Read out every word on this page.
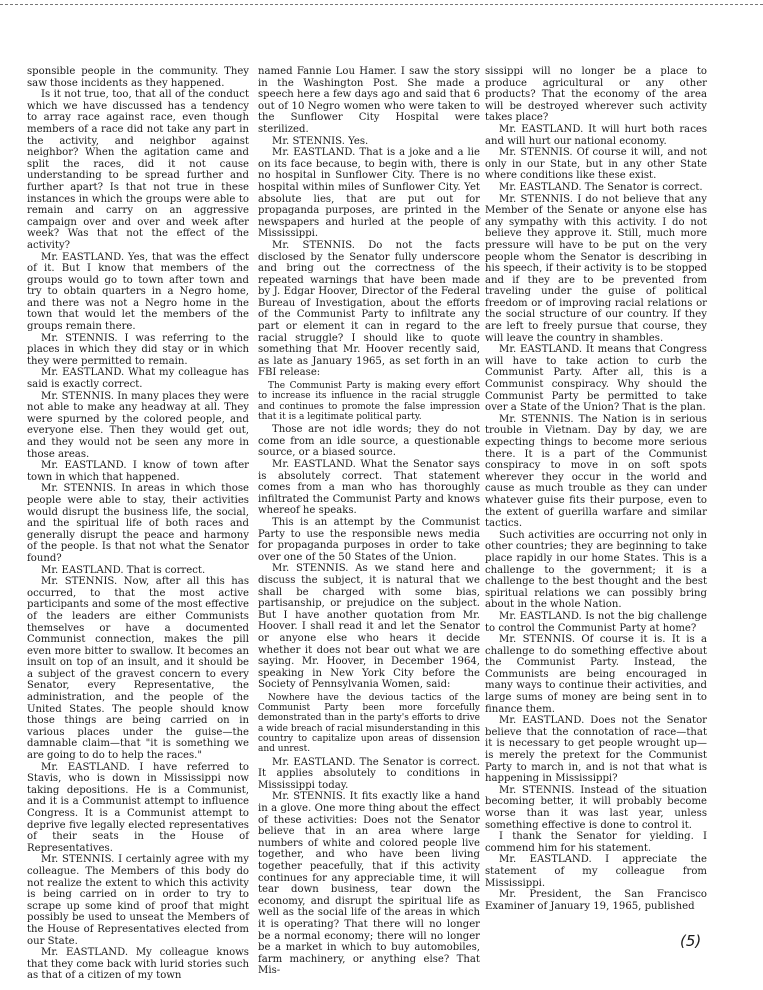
sponsible people in the community. They saw those incidents as they happened.

Is it not true, too, that all of the conduct which we have discussed has a tendency to array race against race, even though members of a race did not take any part in the activity, and neighbor against neighbor? When the agitation came and split the races, did it not cause understanding to be spread further and further apart? Is that not true in these instances in which the groups were able to remain and carry on an aggressive campaign over and over and week after week? Was that not the effect of the activity?

Mr. EASTLAND. Yes, that was the effect of it. But I know that members of the groups would go to town after town and try to obtain quarters in a Negro home, and there was not a Negro home in the town that would let the members of the groups remain there.

Mr. STENNIS. I was referring to the places in which they did stay or in which they were permitted to remain.

Mr. EASTLAND. What my colleague has said is exactly correct.

Mr. STENNIS. In many places they were not able to make any headway at all. They were spurned by the colored people, and everyone else. Then they would get out, and they would not be seen any more in those areas.

Mr. EASTLAND. I know of town after town in which that happened.

Mr. STENNIS. In areas in which those people were able to stay, their activities would disrupt the business life, the social, and the spiritual life of both races and generally disrupt the peace and harmony of the people. Is that not what the Senator found?

Mr. EASTLAND. That is correct.

Mr. STENNIS. Now, after all this has occurred, to that the most active participants and some of the most effective of the leaders are either Communists themselves or have a documented Communist connection, makes the pill even more bitter to swallow. It becomes an insult on top of an insult, and it should be a subject of the gravest concern to every Senator, every Representative, the administration, and the people of the United States. The people should know those things are being carried on in various places under the guise—the damnable claim—that "it is something we are going to do to help the races."

Mr. EASTLAND. I have referred to Stavis, who is down in Mississippi now taking depositions. He is a Communist, and it is a Communist attempt to influence Congress. It is a Communist attempt to deprive five legally elected representatives of their seats in the House of Representatives.

Mr. STENNIS. I certainly agree with my colleague. The Members of this body do not realize the extent to which this activity is being carried on in order to try to scrape up some kind of proof that might possibly be used to unseat the Members of the House of Representatives elected from our State.

Mr. EASTLAND. My colleague knows that they come back with lurid stories such as that of a citizen of my town

named Fannie Lou Hamer. I saw the story in the Washington Post. She made a speech here a few days ago and said that 6 out of 10 Negro women who were taken to the Sunflower City Hospital were sterilized.

Mr. STENNIS. Yes.

Mr. EASTLAND. That is a joke and a lie on its face because, to begin with, there is no hospital in Sunflower City. There is no hospital within miles of Sunflower City. Yet absolute lies, that are put out for propaganda purposes, are printed in the newspapers and hurled at the people of Mississippi.

Mr. STENNIS. Do not the facts disclosed by the Senator fully underscore and bring out the correctness of the repeated warnings that have been made by J. Edgar Hoover, Director of the Federal Bureau of Investigation, about the efforts of the Communist Party to infiltrate any part or element it can in regard to the racial struggle? I should like to quote something that Mr. Hoover recently said, as late as January 1965, as set forth in an FBI release:

The Communist Party is making every effort to increase its influence in the racial struggle and continues to promote the false impression that it is a legitimate political party.

Those are not idle words; they do not come from an idle source, a questionable source, or a biased source.

Mr. EASTLAND. What the Senator says is absolutely correct. That statement comes from a man who has thoroughly infiltrated the Communist Party and knows whereof he speaks.

This is an attempt by the Communist Party to use the responsible news media for propaganda purposes in order to take over one of the 50 States of the Union.

Mr. STENNIS. As we stand here and discuss the subject, it is natural that we shall be charged with some bias, partisanship, or prejudice on the subject. But I have another quotation from Mr. Hoover. I shall read it and let the Senator or anyone else who hears it decide whether it does not bear out what we are saying. Mr. Hoover, in December 1964, speaking in New York City before the Society of Pennsylvania Women, said:

Nowhere have the devious tactics of the Communist Party been more forcefully demonstrated than in the party's efforts to drive a wide breach of racial misunderstanding in this country to capitalize upon areas of dissension and unrest.

Mr. EASTLAND. The Senator is correct. It applies absolutely to conditions in Mississippi today.

Mr. STENNIS. It fits exactly like a hand in a glove. One more thing about the effect of these activities: Does not the Senator believe that in an area where large numbers of white and colored people live together, and who have been living together peacefully, that if this activity continues for any appreciable time, it will tear down business, tear down the economy, and disrupt the spiritual life as well as the social life of the areas in which it is operating? That there will no longer be a normal economy; there will no longer be a market in which to buy automobiles, farm machinery, or anything else? That Mis-

sissippi will no longer be a place to produce agricultural or any other products? That the economy of the area will be destroyed wherever such activity takes place?

Mr. EASTLAND. It will hurt both races and will hurt our national economy.

Mr. STENNIS. Of course it will, and not only in our State, but in any other State where conditions like these exist.

Mr. EASTLAND. The Senator is correct.

Mr. STENNIS. I do not believe that any Member of the Senate or anyone else has any sympathy with this activity. I do not believe they approve it. Still, much more pressure will have to be put on the very people whom the Senator is describing in his speech, if their activity is to be stopped and if they are to be prevented from traveling under the guise of political freedom or of improving racial relations or the social structure of our country. If they are left to freely pursue that course, they will leave the country in shambles.

Mr. EASTLAND. It means that Congress will have to take action to curb the Communist Party. After all, this is a Communist conspiracy. Why should the Communist Party be permitted to take over a State of the Union? That is the plan.

Mr. STENNIS. The Nation is in serious trouble in Vietnam. Day by day, we are expecting things to become more serious there. It is a part of the Communist conspiracy to move in on soft spots wherever they occur in the world and cause as much trouble as they can under whatever guise fits their purpose, even to the extent of guerilla warfare and similar tactics.

Such activities are occurring not only in other countries; they are beginning to take place rapidly in our home States. This is a challenge to the government; it is a challenge to the best thought and the best spiritual relations we can possibly bring about in the whole Nation.

Mr. EASTLAND. Is not the big challenge to control the Communist Party at home?

Mr. STENNIS. Of course it is. It is a challenge to do something effective about the Communist Party. Instead, the Communists are being encouraged in many ways to continue their activities, and large sums of money are being sent in to finance them.

Mr. EASTLAND. Does not the Senator believe that the connotation of race—that it is necessary to get people wrought up—is merely the pretext for the Communist Party to march in, and is not that what is happening in Mississippi?

Mr. STENNIS. Instead of the situation becoming better, it will probably become worse than it was last year, unless something effective is done to control it.

I thank the Senator for yielding. I commend him for his statement.

Mr. EASTLAND. I appreciate the statement of my colleague from Mississippi.

Mr. President, the San Francisco Examiner of January 19, 1965, published

(5)
